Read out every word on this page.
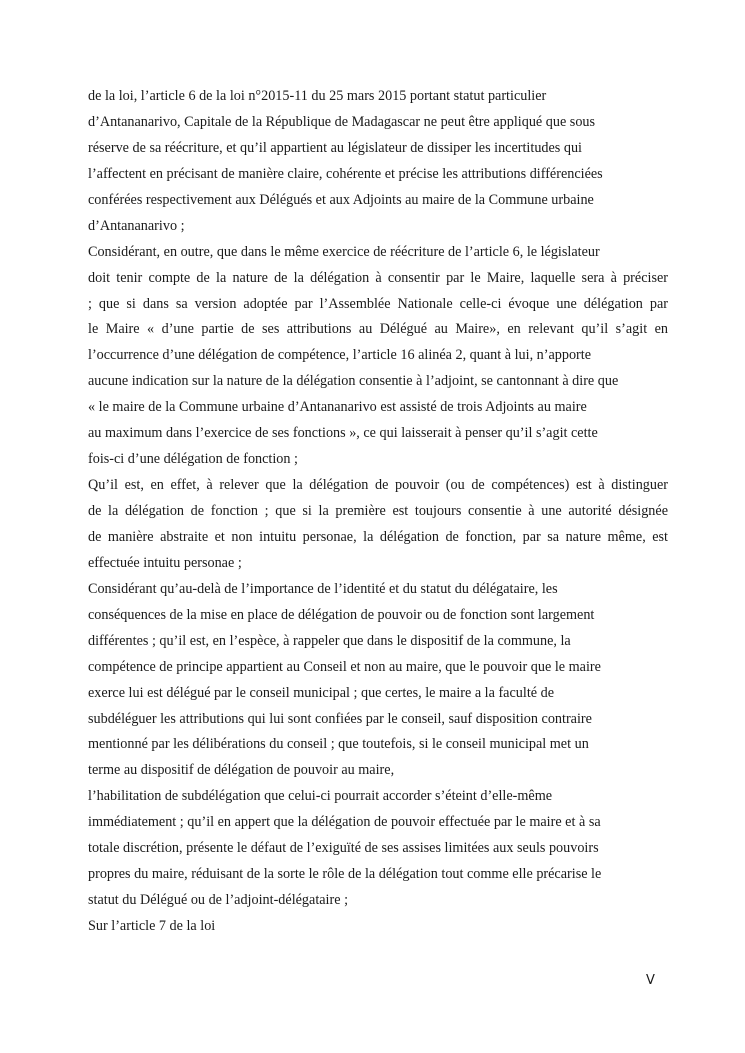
de la loi, l’article 6 de la loi n°2015-11 du 25 mars 2015 portant statut particulier
d’Antananarivo, Capitale de la République de Madagascar ne peut être appliqué que sous
réserve de sa réécriture, et qu’il appartient au législateur de dissiper les incertitudes qui
l’affectent en précisant de manière claire, cohérente et précise les attributions différenciées
conférées respectivement aux Délégués et aux Adjoints au maire de la Commune urbaine
d’Antananarivo ;
Considérant, en outre, que dans le même exercice de réécriture de l’article 6, le législateur
doit tenir compte de la nature de la délégation à consentir par le Maire, laquelle sera à préciser
; que si dans sa version adoptée par l’Assemblée Nationale celle-ci évoque une délégation par
le Maire « d’une partie de ses attributions au Délégué au Maire», en relevant qu’il s’agit en
l’occurrence d’une délégation de compétence, l’article 16 alinéa 2, quant à lui, n’apporte
aucune indication sur la nature de la délégation consentie à l’adjoint, se cantonnant à dire que
« le maire de la Commune urbaine d’Antananarivo est assisté de trois Adjoints au maire
au maximum dans l’exercice de ses fonctions », ce qui laisserait à penser qu’il s’agit cette
fois-ci d’une délégation de fonction ;
Qu’il est, en effet, à relever que la délégation de pouvoir (ou de compétences) est à distinguer
de la délégation de fonction ; que si la première est toujours consentie à une autorité désignée
de manière abstraite et non intuitu personae, la délégation de fonction, par sa nature même, est
effectuée intuitu personae ;
Considérant qu’au-delà de l’importance de l’identité et du statut du délégataire, les
conséquences de la mise en place de délégation de pouvoir ou de fonction sont largement
différentes ; qu’il est, en l’espèce, à rappeler que dans le dispositif de la commune, la
compétence de principe appartient au Conseil et non au maire, que le pouvoir que le maire
exerce lui est délégué par le conseil municipal ; que certes, le maire a la faculté de
subdéléguer les attributions qui lui sont confiées par le conseil, sauf disposition contraire
mentionné par les délibérations du conseil ; que toutefois, si le conseil municipal met un
terme au dispositif de délégation de pouvoir au maire,
l’habilitation de subdélégation que celui-ci pourrait accorder s’éteint d’elle-même
immédiatement ; qu’il en appert que la délégation de pouvoir effectuée par le maire et à sa
totale discrétion, présente le défaut de l’exiguïté de ses assises limitées aux seuls pouvoirs
propres du maire, réduisant de la sorte le rôle de la délégation tout comme elle précarise le
statut du Délégué ou de l’adjoint-délégataire ;
Sur l’article 7 de la loi
V
